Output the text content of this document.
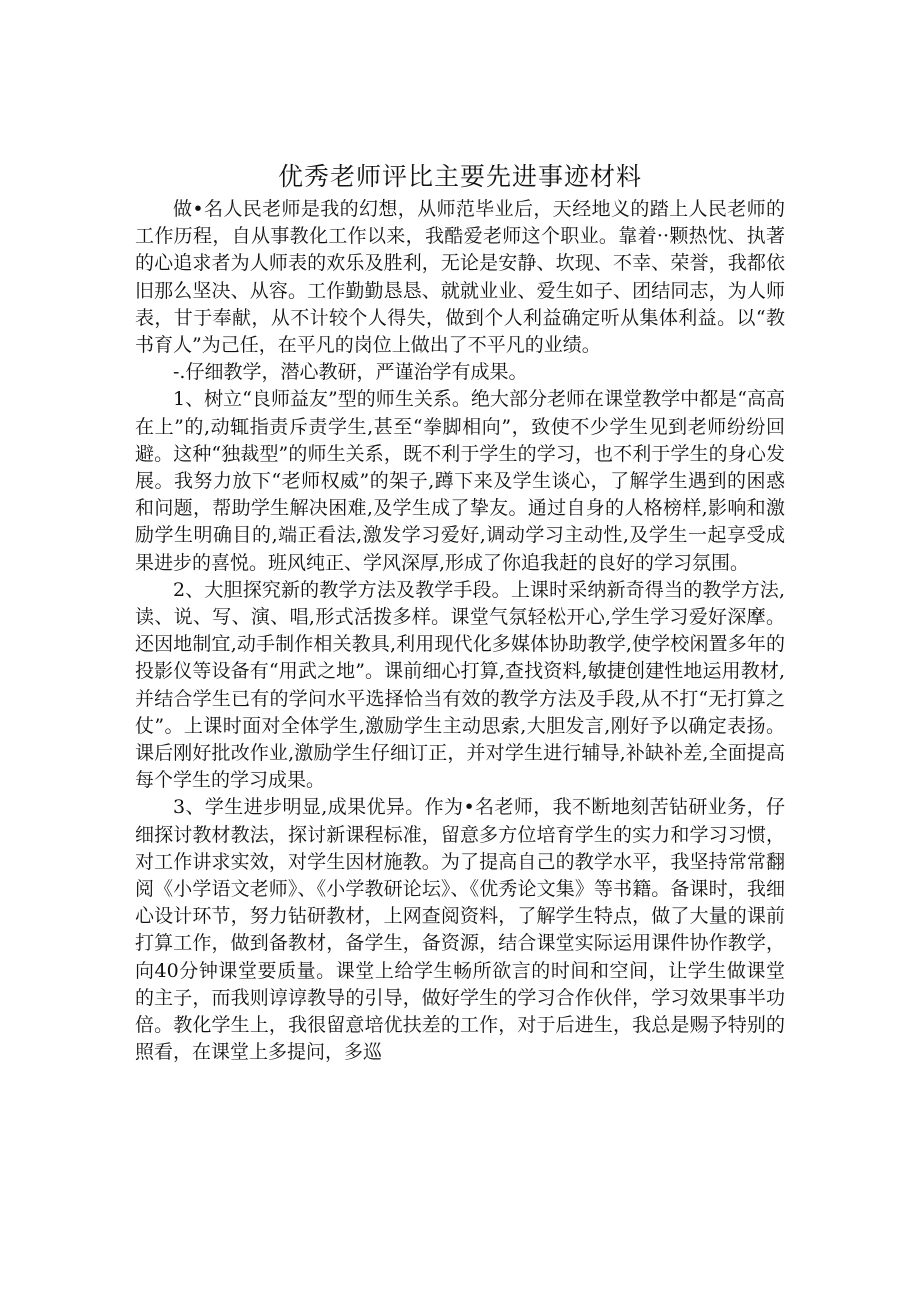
优秀老师评比主要先进事迹材料

做•名人民老师是我的幻想，从师范毕业后，天经地义的踏上人民老师的工作历程，自从事教化工作以来，我酷爱老师这个职业。靠着··颗热忱、执著的心追求者为人师表的欢乐及胜利，无论是安静、坎现、不幸、荣誉，我都依旧那么坚决、从容。工作勤勤恳恳、就就业业、爱生如子、团结同志，为人师表，甘于奉献，从不计较个人得失，做到个人利益确定听从集体利益。以“教书育人”为己任，在平凡的岗位上做出了不平凡的业绩。

-.仔细教学，潜心教研，严谨治学有成果。

1、树立“良师益友”型的师生关系。绝大部分老师在课堂教学中都是“高高在上”的,动辄指责斥责学生,甚至“拳脚相向”，致使不少学生见到老师纷纷回避。这种“独裁型”的师生关系，既不利于学生的学习，也不利于学生的身心发展。我努力放下“老师权威”的架子,蹲下来及学生谈心，了解学生遇到的困惑和问题，帮助学生解决困难,及学生成了挚友。通过自身的人格榜样,影响和激励学生明确目的,端正看法,激发学习爱好,调动学习主动性,及学生一起享受成果进步的喜悦。班风纯正、学风深厚,形成了你追我赶的良好的学习氛围。

2、大胆探究新的教学方法及教学手段。上课时采纳新奇得当的教学方法,读、说、写、演、唱,形式活拨多样。课堂气氛轻松开心,学生学习爱好深摩。还因地制宜,动手制作相关教具,利用现代化多媒体协助教学,使学校闲置多年的投影仪等设备有“用武之地”。课前细心打算,查找资料,敏捷创建性地运用教材,并结合学生已有的学问水平选择恰当有效的教学方法及手段,从不打“无打算之仗”。上课时面对全体学生,激励学生主动思索,大胆发言,刚好予以确定表扬。课后刚好批改作业,激励学生仔细订正，并对学生进行辅导,补缺补差,全面提高每个学生的学习成果。

3、学生进步明显,成果优异。作为•名老师，我不断地刻苦钻研业务，仔细探讨教材教法，探讨新课程标准，留意多方位培育学生的实力和学习习惯，对工作讲求实效，对学生因材施教。为了提高自己的教学水平，我坚持常常翻阅《小学语文老师》、《小学教研论坛》、《优秀论文集》等书籍。备课时，我细心设计环节，努力钻研教材，上网查阅资料，了解学生特点，做了大量的课前打算工作，做到备教材，备学生，备资源，结合课堂实际运用课件协作教学，向40分钟课堂要质量。课堂上给学生畅所欲言的时间和空间，让学生做课堂的主子，而我则谆谆教导的引导，做好学生的学习合作伙伴，学习效果事半功倍。教化学生上，我很留意培优扶差的工作，对于后进生，我总是赐予特别的照看，在课堂上多提问，多巡
